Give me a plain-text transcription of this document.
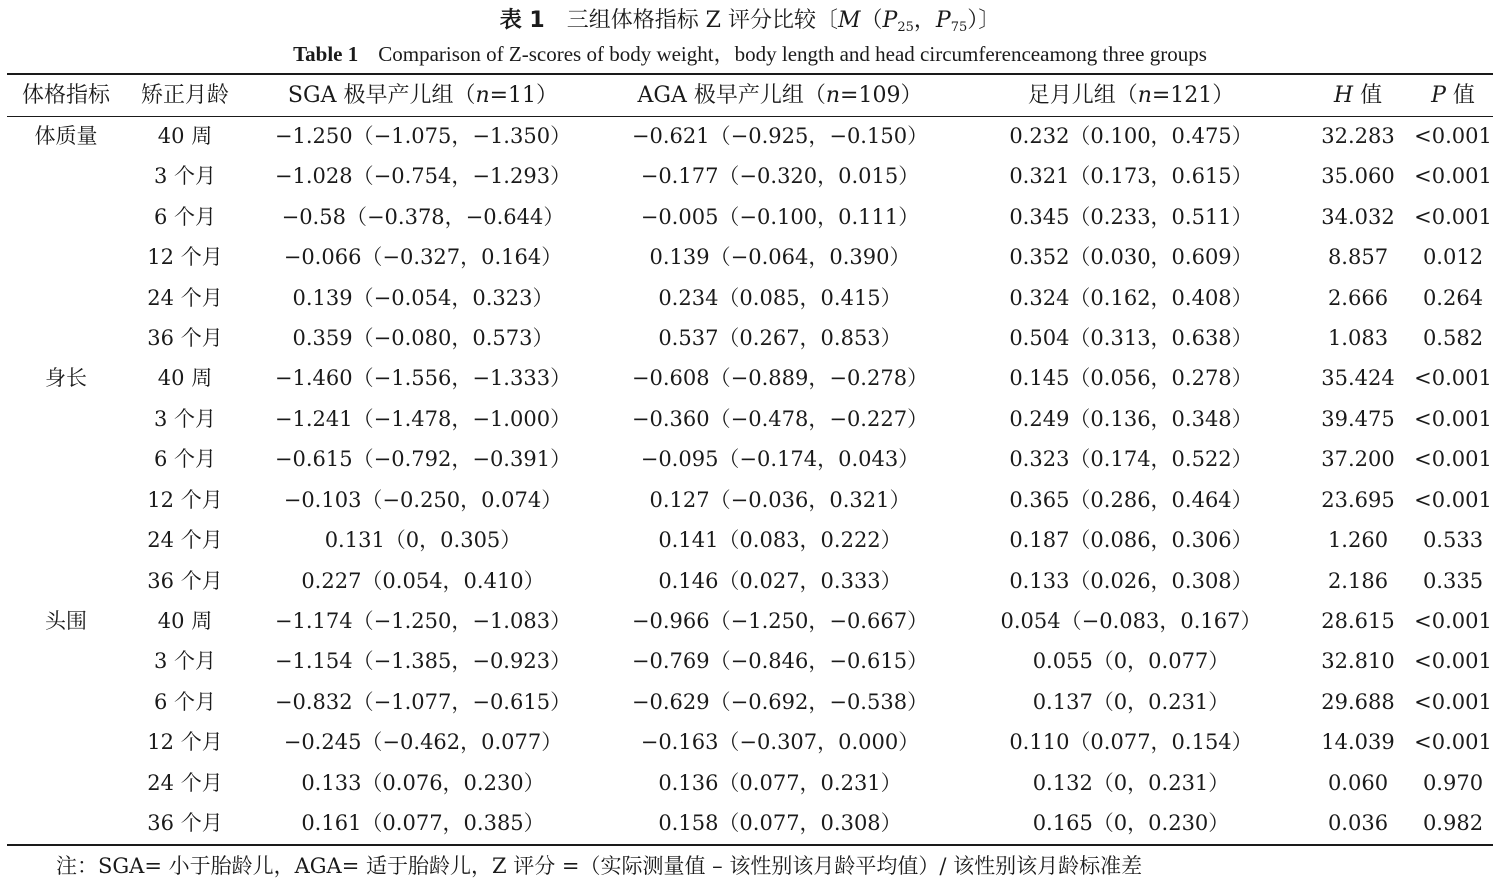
表 1 三组体格指标 Z 评分比较〔$M(P_{25}$，$P_{75}$）〕
Table 1 Comparison of Z-scores of body weight，body length and head circumferenceamong three groups
体格指标	矫正月龄	SGA 极早产儿组（n=11）	AGA 极早产儿组（n=109）	足月儿组（n=121）	H 值	P 值
体质量	40 周	−1.250（−1.075，−1.350）	−0.621（−0.925，−0.150）	0.232（0.100，0.475）	32.283	<0.001
	3 个月	−1.028（−0.754，−1.293）	−0.177（−0.320，0.015）	0.321（0.173，0.615）	35.060	<0.001
	6 个月	−0.58（−0.378，−0.644）	−0.005（−0.100，0.111）	0.345（0.233，0.511）	34.032	<0.001
	12 个月	−0.066（−0.327，0.164）	0.139（−0.064，0.390）	0.352（0.030，0.609）	8.857	0.012
	24 个月	0.139（−0.054，0.323）	0.234（0.085，0.415）	0.324（0.162，0.408）	2.666	0.264
	36 个月	0.359（−0.080，0.573）	0.537（0.267，0.853）	0.504（0.313，0.638）	1.083	0.582
身长	40 周	−1.460（−1.556，−1.333）	−0.608（−0.889，−0.278）	0.145（0.056，0.278）	35.424	<0.001
	3 个月	−1.241（−1.478，−1.000）	−0.360（−0.478，−0.227）	0.249（0.136，0.348）	39.475	<0.001
	6 个月	−0.615（−0.792，−0.391）	−0.095（−0.174，0.043）	0.323（0.174，0.522）	37.200	<0.001
	12 个月	−0.103（−0.250，0.074）	0.127（−0.036，0.321）	0.365（0.286，0.464）	23.695	<0.001
	24 个月	0.131（0，0.305）	0.141（0.083，0.222）	0.187（0.086，0.306）	1.260	0.533
	36 个月	0.227（0.054，0.410）	0.146（0.027，0.333）	0.133（0.026，0.308）	2.186	0.335
头围	40 周	−1.174（−1.250，−1.083）	−0.966（−1.250，−0.667）	0.054（−0.083，0.167）	28.615	<0.001
	3 个月	−1.154（−1.385，−0.923）	−0.769（−0.846，−0.615）	0.055（0，0.077）	32.810	<0.001
	6 个月	−0.832（−1.077，−0.615）	−0.629（−0.692，−0.538）	0.137（0，0.231）	29.688	<0.001
	12 个月	−0.245（−0.462，0.077）	−0.163（−0.307，0.000）	0.110（0.077，0.154）	14.039	<0.001
	24 个月	0.133（0.076，0.230）	0.136（0.077，0.231）	0.132（0，0.231）	0.060	0.970
	36 个月	0.161（0.077，0.385）	0.158（0.077，0.308）	0.165（0，0.230）	0.036	0.982
注：SGA= 小于胎龄儿，AGA= 适于胎龄儿，Z 评分 =（实际测量值 – 该性别该月龄平均值）/ 该性别该月龄标准差
